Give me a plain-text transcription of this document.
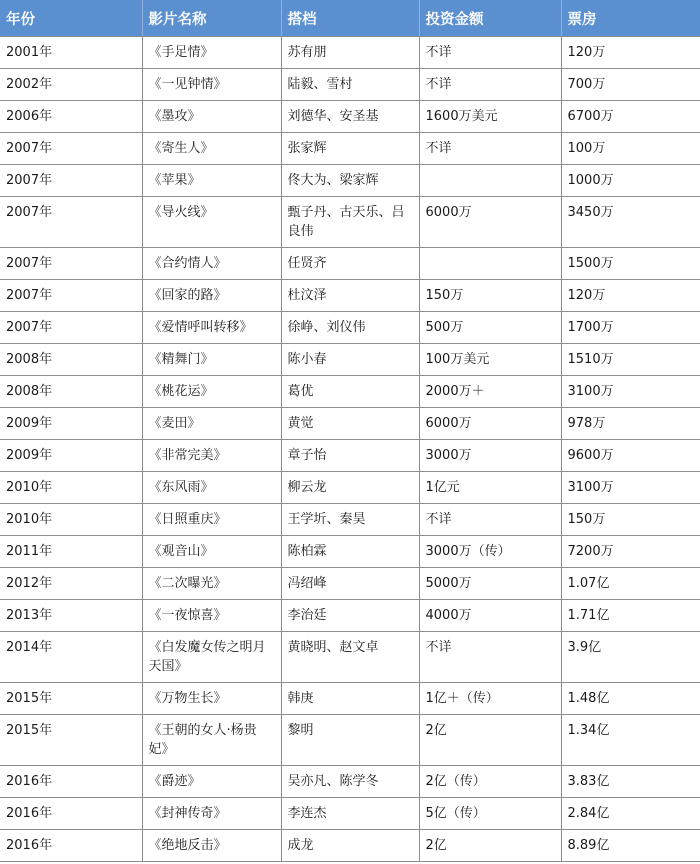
年份	影片名称	搭档	投资金额	票房
2001年	《手足情》	苏有朋	不详	120万
2002年	《一见钟情》	陆毅、雪村	不详	700万
2006年	《墨攻》	刘德华、安圣基	1600万美元	6700万
2007年	《寄生人》	张家辉	不详	100万
2007年	《苹果》	佟大为、梁家辉		1000万
2007年	《导火线》	甄子丹、古天乐、吕良伟	6000万	3450万
2007年	《合约情人》	任贤齐		1500万
2007年	《回家的路》	杜汶泽	150万	120万
2007年	《爱情呼叫转移》	徐峥、刘仪伟	500万	1700万
2008年	《精舞门》	陈小春	100万美元	1510万
2008年	《桃花运》	葛优	2000万＋	3100万
2009年	《麦田》	黄觉	6000万	978万
2009年	《非常完美》	章子怡	3000万	9600万
2010年	《东风雨》	柳云龙	1亿元	3100万
2010年	《日照重庆》	王学圻、秦昊	不详	150万
2011年	《观音山》	陈柏霖	3000万（传）	7200万
2012年	《二次曝光》	冯绍峰	5000万	1.07亿
2013年	《一夜惊喜》	李治廷	4000万	1.71亿
2014年	《白发魔女传之明月天国》	黄晓明、赵文卓	不详	3.9亿
2015年	《万物生长》	韩庚	1亿＋（传）	1.48亿
2015年	《王朝的女人·杨贵妃》	黎明	2亿	1.34亿
2016年	《爵迹》	吴亦凡、陈学冬	2亿（传）	3.83亿
2016年	《封神传奇》	李连杰	5亿（传）	2.84亿
2016年	《绝地反击》	成龙	2亿	8.89亿
